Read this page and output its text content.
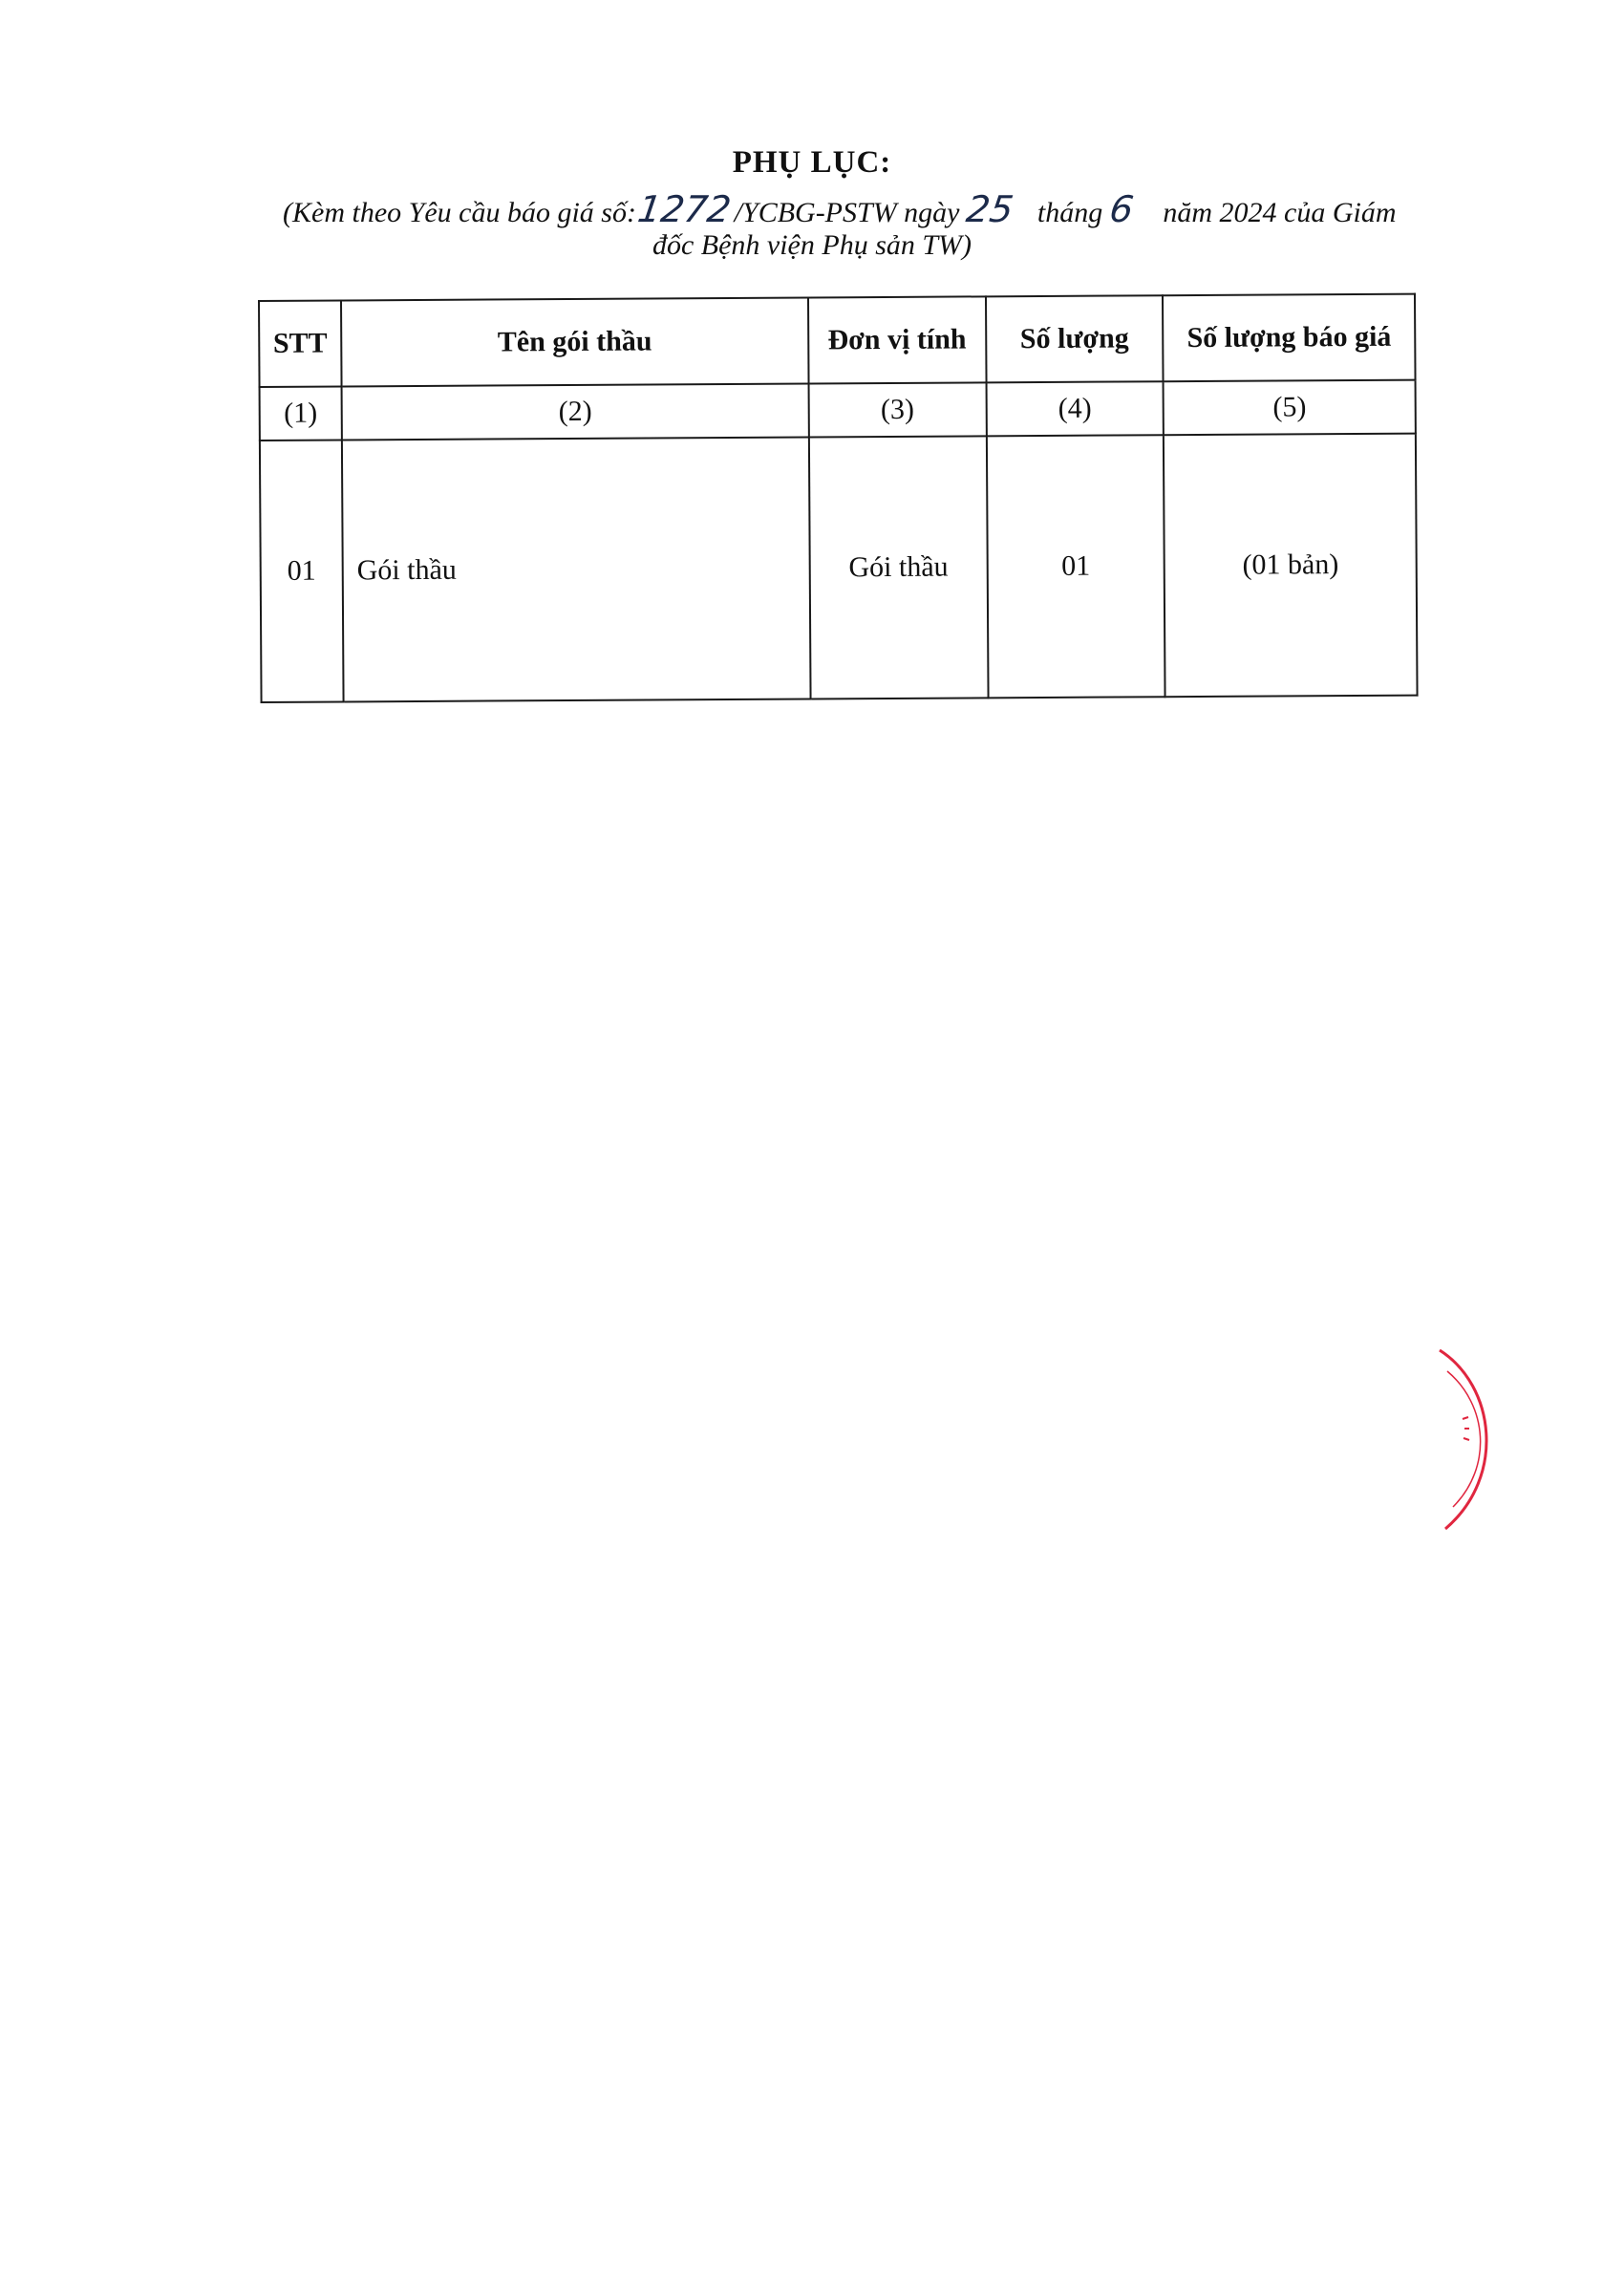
PHỤ LỤC:
(Kèm theo Yêu cầu báo giá số:1272/YCBG-PSTW ngày 25 tháng 6 năm 2024 của Giám
đốc Bệnh viện Phụ sản TW)
STT	Tên gói thầu	Đơn vị tính	Số lượng	Số lượng báo giá
(1)	(2)	(3)	(4)	(5)
01	Gói thầu	Gói thầu	01	(01 bản)
